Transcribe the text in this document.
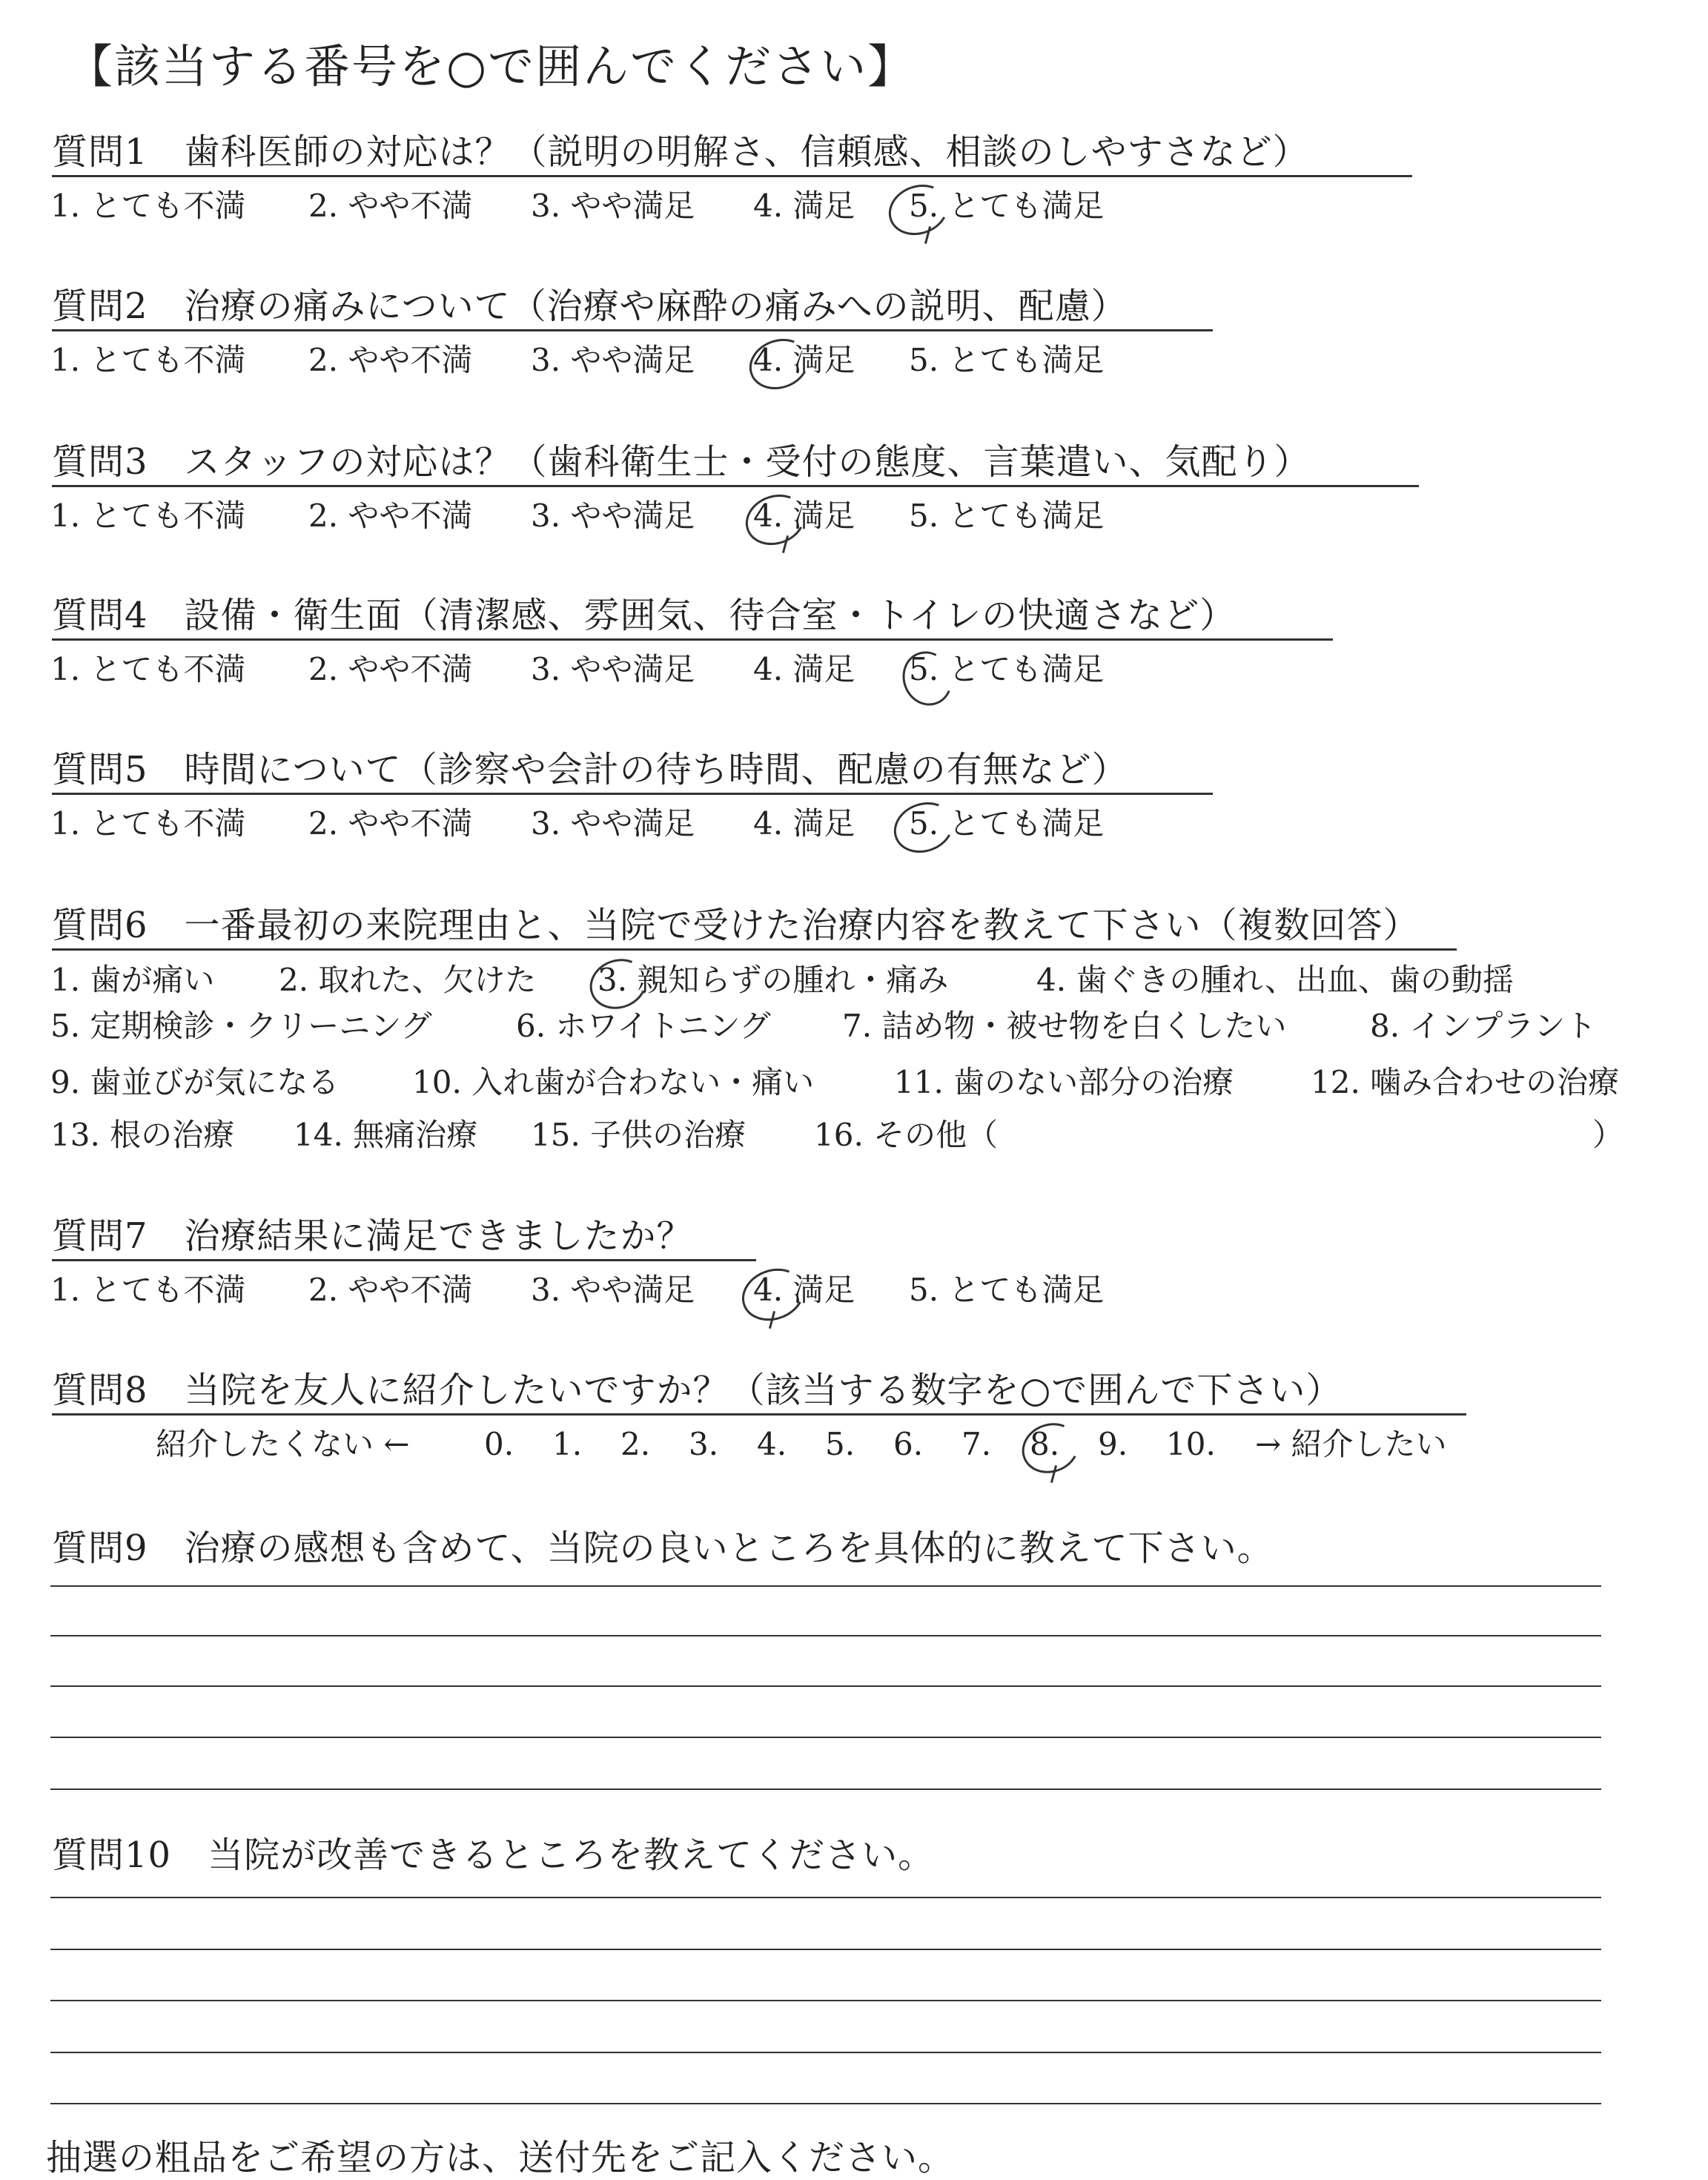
【該当する番号を○で囲んでください】
質問1　歯科医師の対応は？（説明の明解さ、信頼感、相談のしやすさなど）
1. とても不満 2. やや不満 3. やや満足 4. 満足 5. とても満足
質問2　治療の痛みについて（治療や麻酔の痛みへの説明、配慮）
1. とても不満 2. やや不満 3. やや満足 4. 満足 5. とても満足
質問3　スタッフの対応は？（歯科衛生士・受付の態度、言葉遣い、気配り）
1. とても不満 2. やや不満 3. やや満足 4. 満足 5. とても満足
質問4　設備・衛生面（清潔感、雰囲気、待合室・トイレの快適さなど）
1. とても不満 2. やや不満 3. やや満足 4. 満足 5. とても満足
質問5　時間について（診察や会計の待ち時間、配慮の有無など）
1. とても不満 2. やや不満 3. やや満足 4. 満足 5. とても満足
質問6　一番最初の来院理由と、当院で受けた治療内容を教えて下さい（複数回答）
1. 歯が痛い 2. 取れた、欠けた 3. 親知らずの腫れ・痛み	4. 歯ぐきの腫れ、出血、歯の動揺
5. 定期検診・クリーニング	6. ホワイトニング 7. 詰め物・被せ物を白くしたい	8. インプラント
9. 歯並びが気になる 10. 入れ歯が合わない・痛い	11. 歯のない部分の治療 12. 噛み合わせの治療
13. 根の治療 14. 無痛治療 15. 子供の治療 16. その他（	）
質問7　治療結果に満足できましたか？
1. とても不満 2. やや不満 3. やや満足 4. 満足 5. とても満足
質問8　当院を友人に紹介したいですか？（該当する数字を○で囲んで下さい）
紹介したくない ← 0. 1. 2. 3. 4. 5. 6. 7. 8. 9. 10. → 紹介したい
質問9　治療の感想も含めて、当院の良いところを具体的に教えて下さい。
質問10　当院が改善できるところを教えてください。
抽選の粗品をご希望の方は、送付先をご記入ください。
